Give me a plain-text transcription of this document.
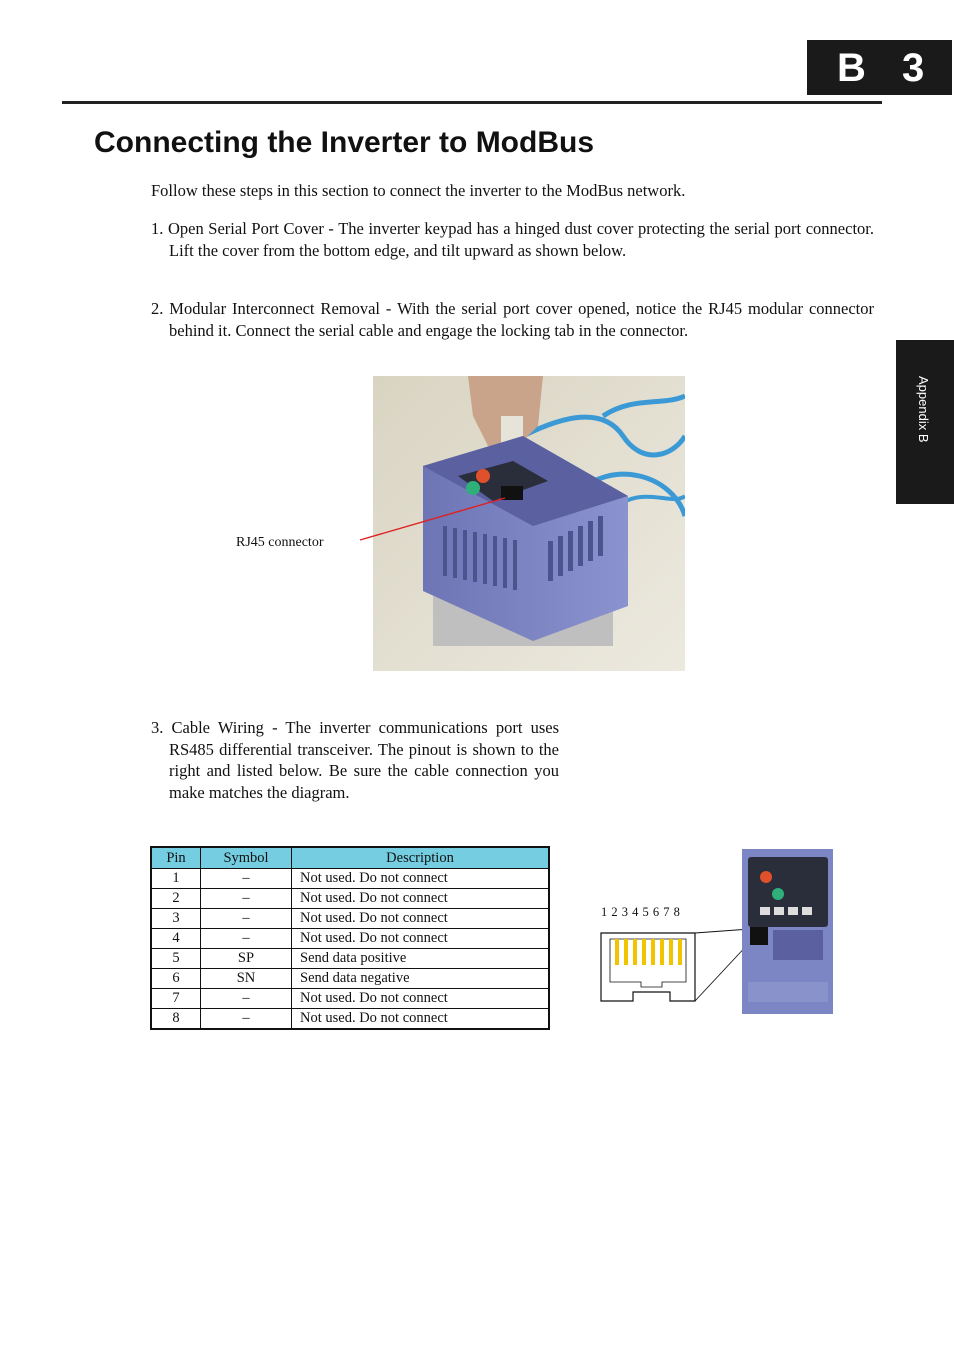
B 3
Appendix B
Connecting the Inverter to ModBus

Follow these steps in this section to connect the inverter to the ModBus network.

1. Open Serial Port Cover - The inverter keypad has a hinged dust cover protecting the serial port connector. Lift the cover from the bottom edge, and tilt upward as shown below.

2. Modular Interconnect Removal - With the serial port cover opened, notice the RJ45 modular connector behind it. Connect the serial cable and engage the locking tab in the connector.

RJ45 connector

3. Cable Wiring - The inverter communications port uses RS485 differential transceiver. The pinout is shown to the right and listed below. Be sure the cable connection you make matches the diagram.

Pin	Symbol	Description
1	–	Not used. Do not connect
2	–	Not used. Do not connect
3	–	Not used. Do not connect
4	–	Not used. Do not connect
5	SP	Send data positive
6	SN	Send data negative
7	–	Not used. Do not connect
8	–	Not used. Do not connect
1 2 3 4 5 6 7 8
